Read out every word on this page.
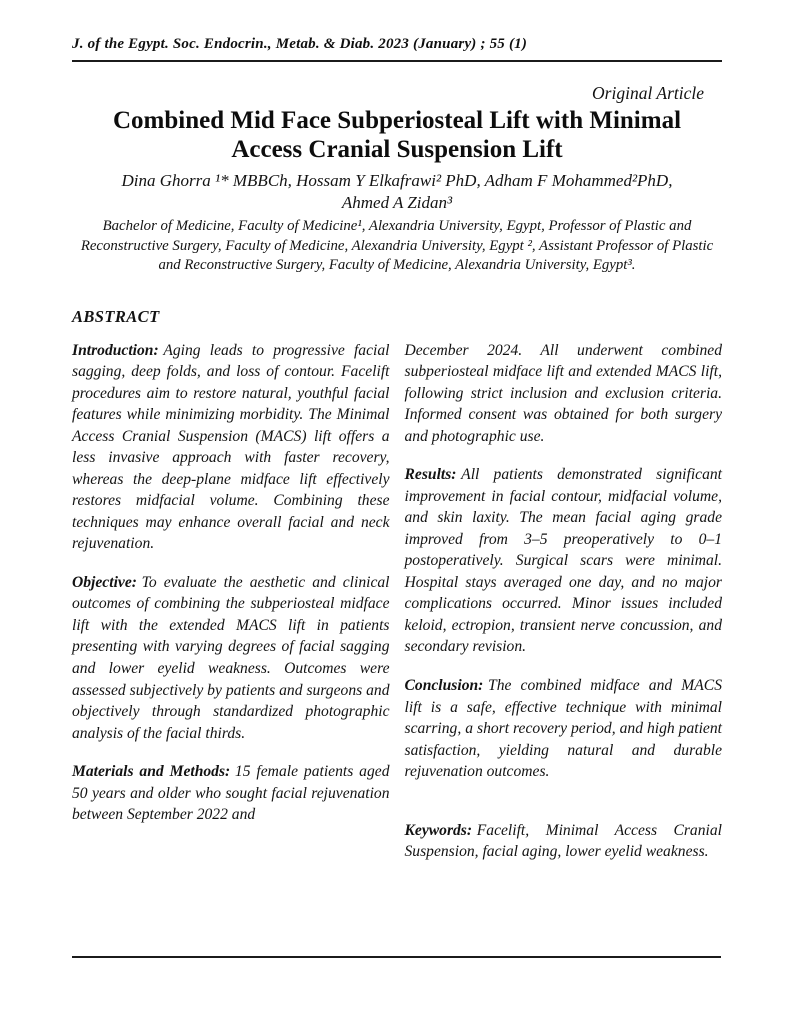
J. of the Egypt. Soc. Endocrin., Metab. & Diab. 2023 (January) ; 55 (1)
Original Article
Combined Mid Face Subperiosteal Lift with Minimal Access Cranial Suspension Lift
Dina Ghorra ¹* MBBCh, Hossam Y Elkafrawi² PhD, Adham F Mohammed²PhD,
Ahmed A Zidan³
Bachelor of Medicine, Faculty of Medicine¹, Alexandria University, Egypt, Professor of Plastic and
Reconstructive Surgery, Faculty of Medicine, Alexandria University, Egypt ², Assistant Professor of Plastic
and Reconstructive Surgery, Faculty of Medicine, Alexandria University, Egypt³.
ABSTRACT

Introduction: Aging leads to progressive facial sagging, deep folds, and loss of contour. Facelift procedures aim to restore natural, youthful facial features while minimizing morbidity. The Minimal Access Cranial Suspension (MACS) lift offers a less invasive approach with faster recovery, whereas the deep-plane midface lift effectively restores midfacial volume. Combining these techniques may enhance overall facial and neck rejuvenation.

Objective: To evaluate the aesthetic and clinical outcomes of combining the subperiosteal midface lift with the extended MACS lift in patients presenting with varying degrees of facial sagging and lower eyelid weakness. Outcomes were assessed subjectively by patients and surgeons and objectively through standardized photographic analysis of the facial thirds.

Materials and Methods: 15 female patients aged 50 years and older who sought facial rejuvenation between September 2022 and

December 2024. All underwent combined subperiosteal midface lift and extended MACS lift, following strict inclusion and exclusion criteria. Informed consent was obtained for both surgery and photographic use.

Results: All patients demonstrated significant improvement in facial contour, midfacial volume, and skin laxity. The mean facial aging grade improved from 3–5 preoperatively to 0–1 postoperatively. Surgical scars were minimal. Hospital stays averaged one day, and no major complications occurred. Minor issues included keloid, ectropion, transient nerve concussion, and secondary revision.

Conclusion: The combined midface and MACS lift is a safe, effective technique with minimal scarring, a short recovery period, and high patient satisfaction, yielding natural and durable rejuvenation outcomes.

Keywords: Facelift, Minimal Access Cranial Suspension, facial aging, lower eyelid weakness.
